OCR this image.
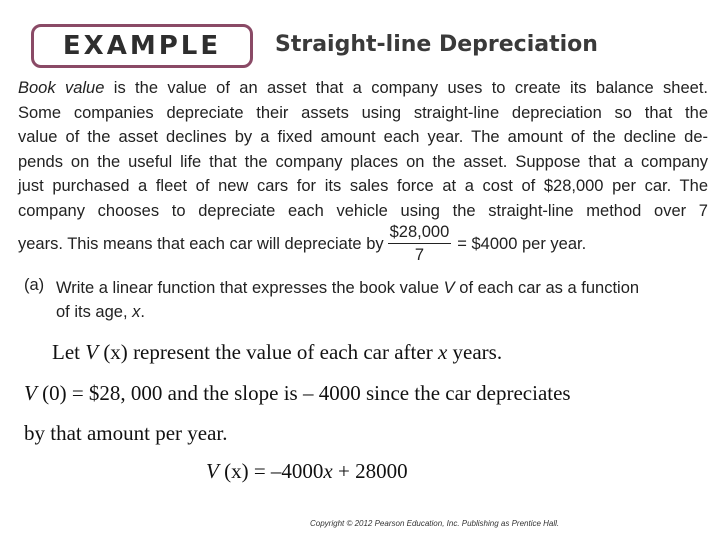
EXAMPLE Straight-line Depreciation
Book value is the value of an asset that a company uses to create its balance sheet.
Some companies depreciate their assets using straight-line depreciation so that the
value of the asset declines by a fixed amount each year. The amount of the decline de-
pends on the useful life that the company places on the asset. Suppose that a company
just purchased a fleet of new cars for its sales force at a cost of $28,000 per car. The
company chooses to depreciate each vehicle using the straight-line method over 7
years. This means that each car will depreciate by $\frac{\$28,000}{7}$ = $4000 per year.
(a) Write a linear function that expresses the book value V of each car as a function
of its age, x.
Let V (x) represent the value of each car after x years.
V (0) = $28, 000 and the slope is – 4000 since the car depreciates
by that amount per year.
V (x) = –4000x + 28000
Copyright © 2012 Pearson Education, Inc. Publishing as Prentice Hall.
